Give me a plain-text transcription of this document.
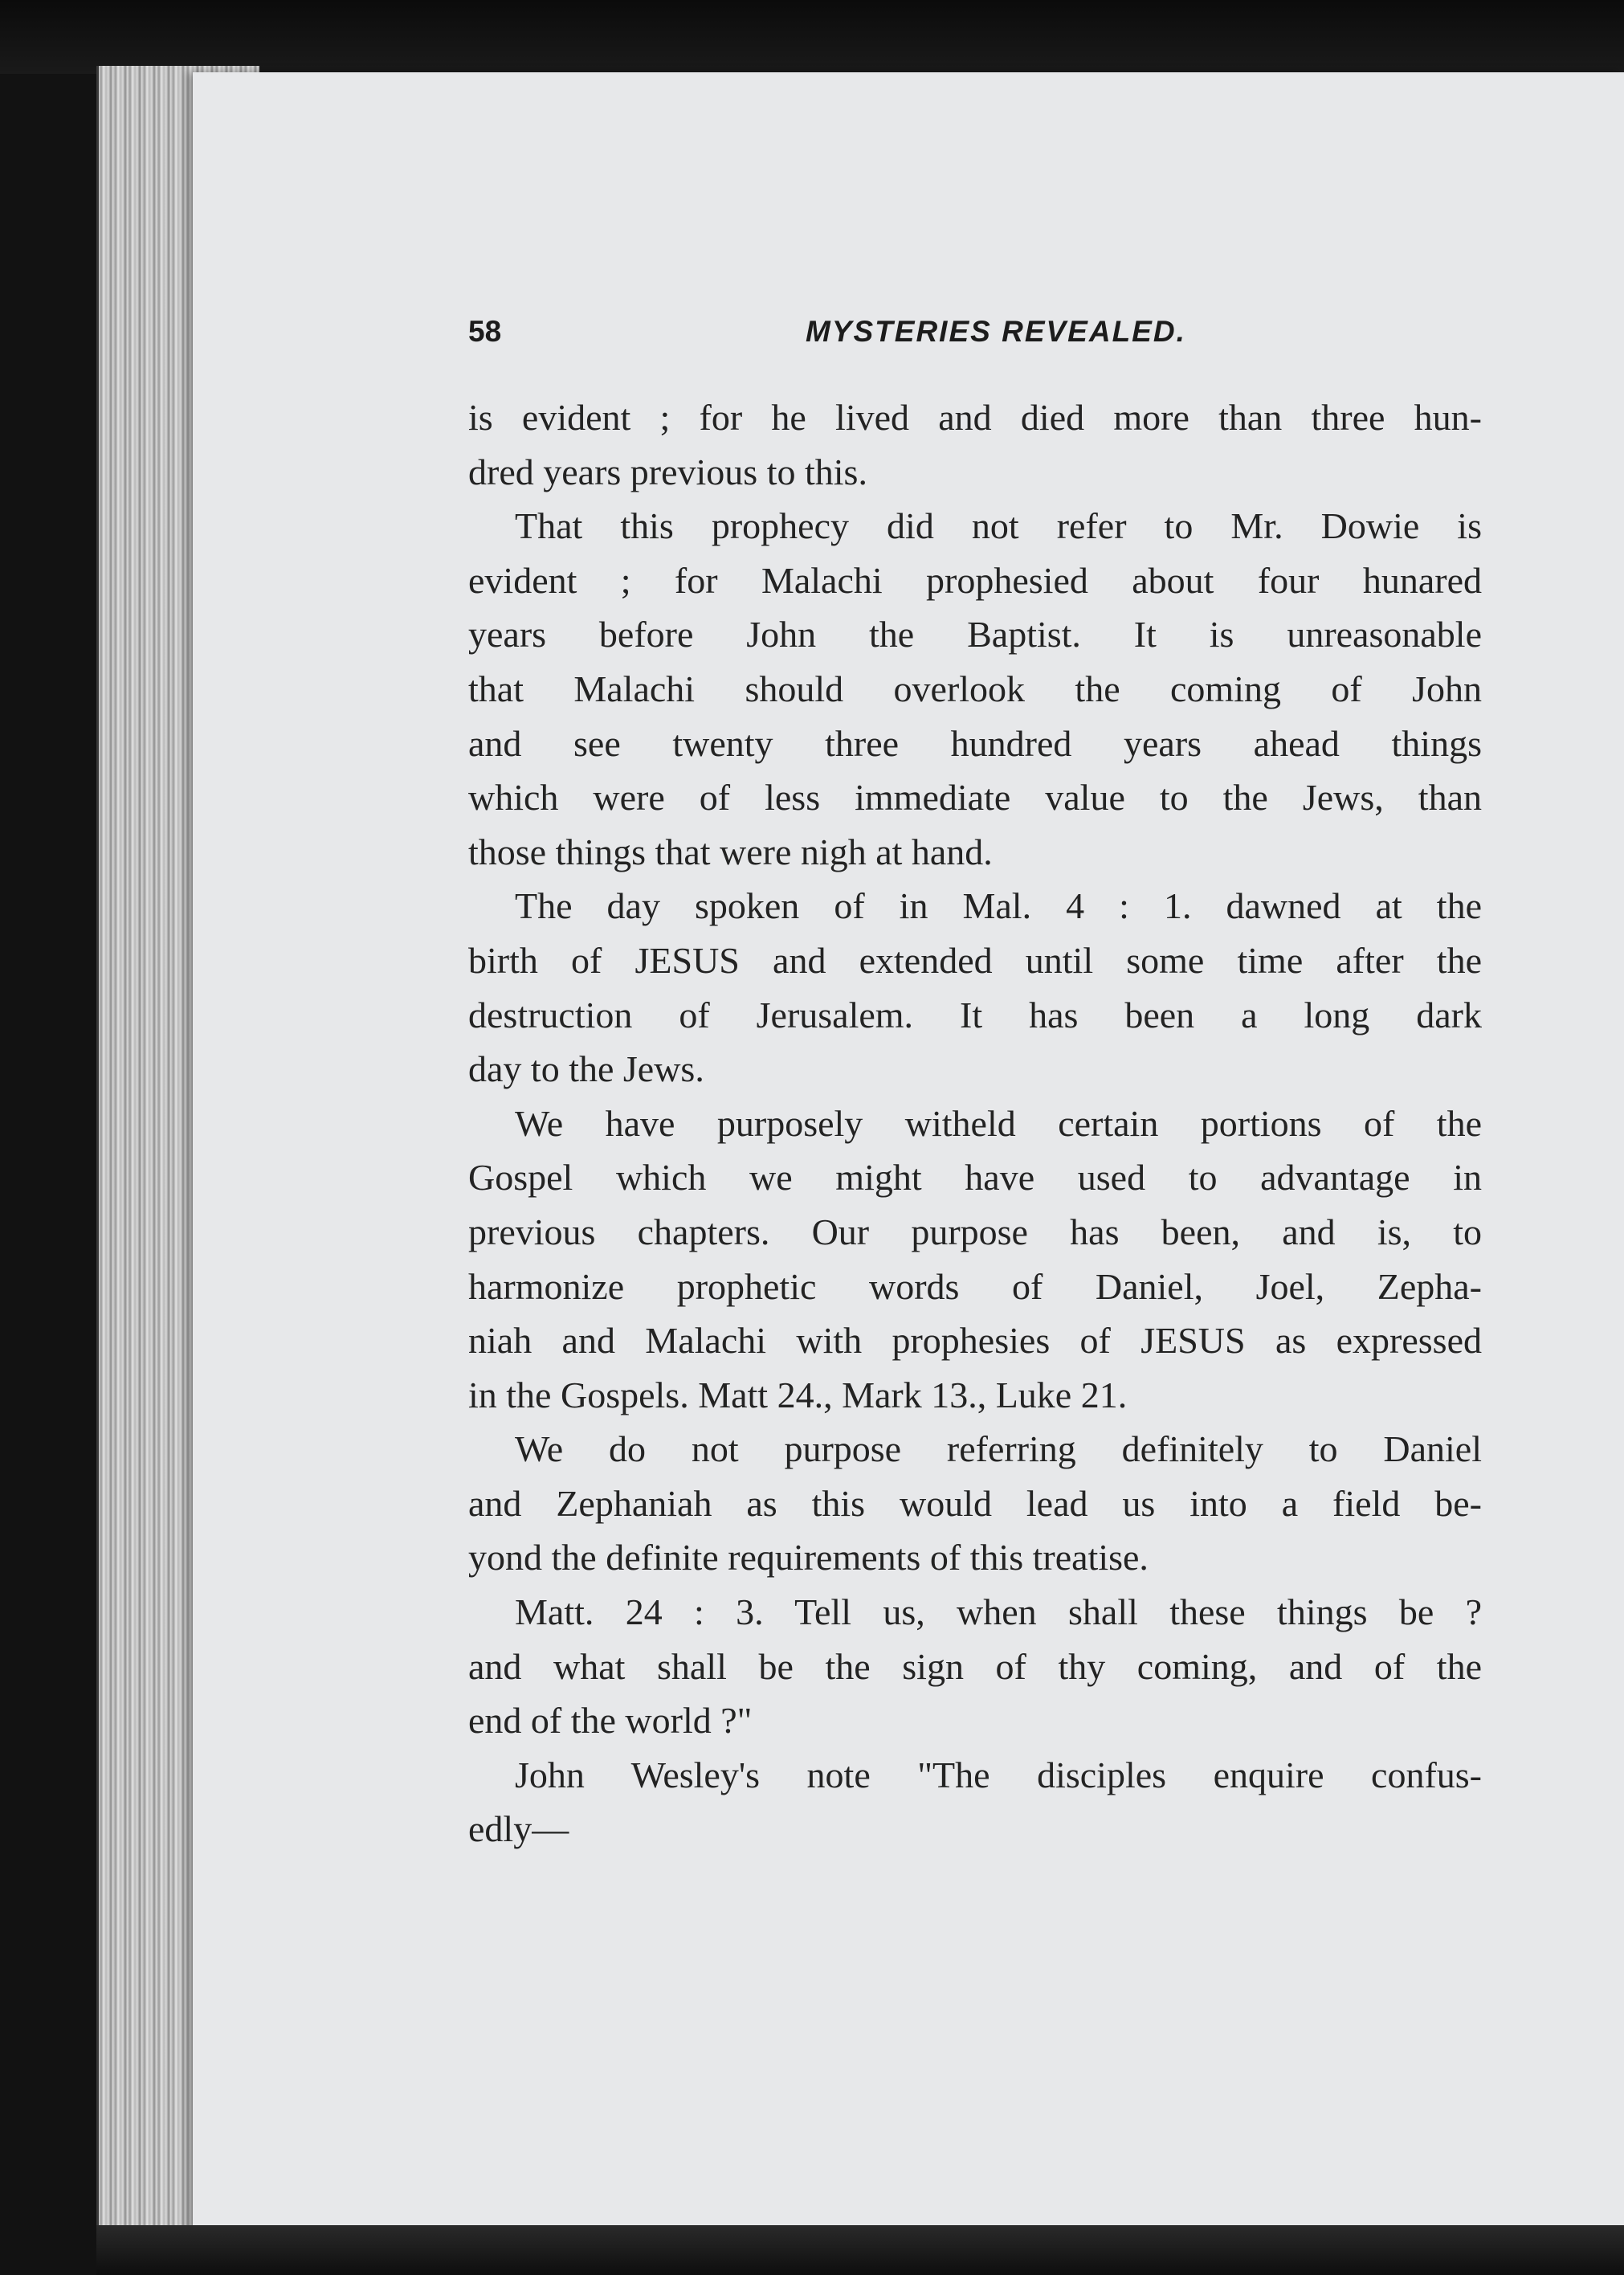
58	MYSTERIES REVEALED.
is evident ; for he lived and died more than three hun-
dred years previous to this.
That this prophecy did not refer to Mr. Dowie is
evident ; for Malachi prophesied about four hunared
years before John the Baptist. It is unreasonable
that Malachi should overlook the coming of John
and see twenty three hundred years ahead things
which were of less immediate value to the Jews, than
those things that were nigh at hand.
The day spoken of in Mal. 4 : 1. dawned at the
birth of JESUS and extended until some time after the
destruction of Jerusalem. It has been a long dark
day to the Jews.
We have purposely witheld certain portions of the
Gospel which we might have used to advantage in
previous chapters. Our purpose has been, and is, to
harmonize prophetic words of Daniel, Joel, Zepha-
niah and Malachi with prophesies of JESUS as expressed
in the Gospels. Matt 24., Mark 13., Luke 21.
We do not purpose referring definitely to Daniel
and Zephaniah as this would lead us into a field be-
yond the definite requirements of this treatise.
Matt. 24 : 3. Tell us, when shall these things be ?
and what shall be the sign of thy coming, and of the
end of the world ?"
John Wesley's note "The disciples enquire confus-
edly—
